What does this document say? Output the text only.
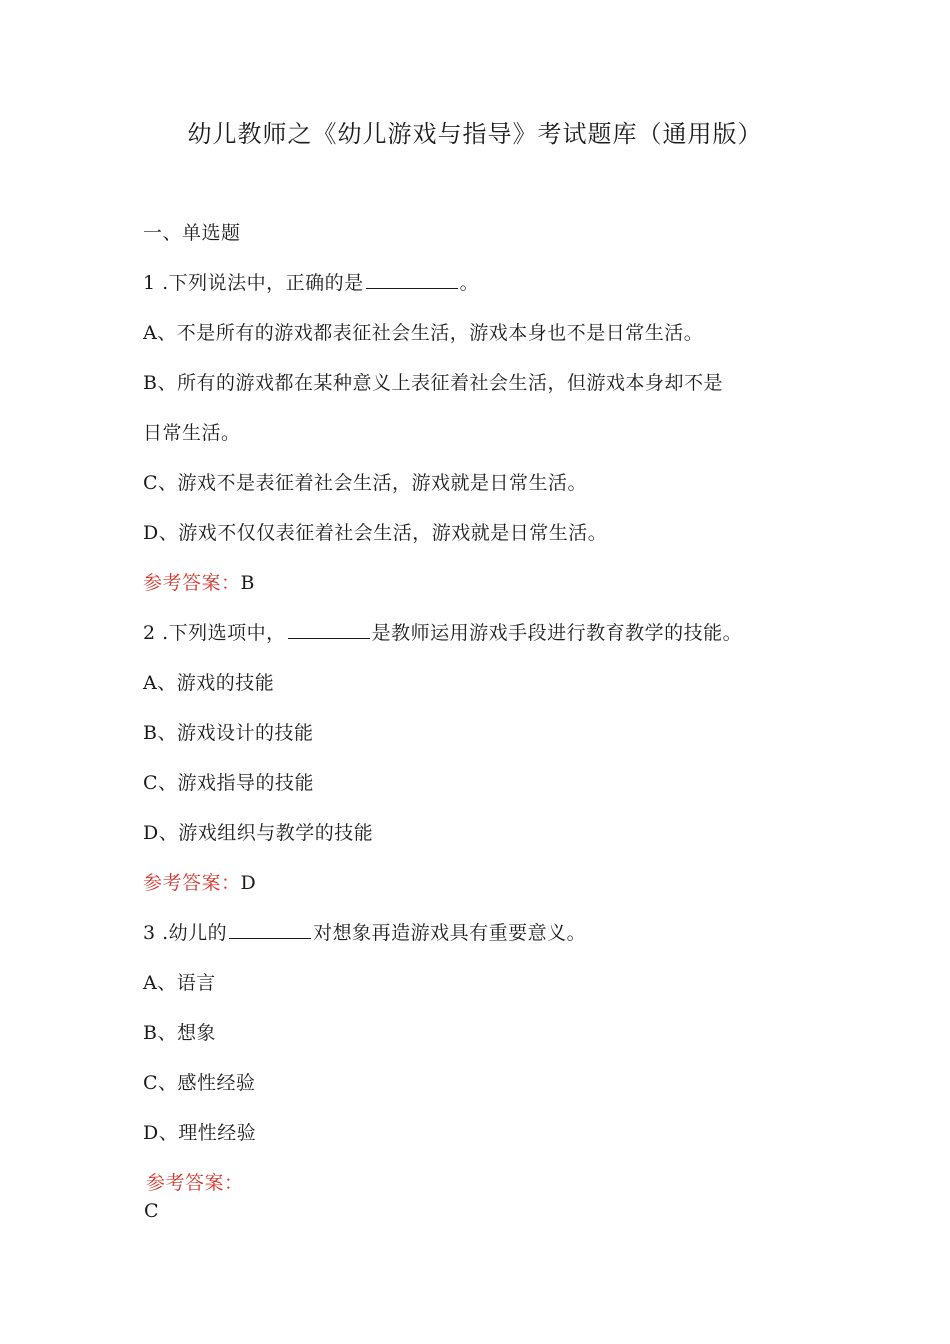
幼儿教师之《幼儿游戏与指导》考试题库（通用版）
一、单选题
1 .下列说法中，正确的是	。
A、不是所有的游戏都表征社会生活，游戏本身也不是日常生活。
B、所有的游戏都在某种意义上表征着社会生活，但游戏本身却不是
日常生活。
C、游戏不是表征着社会生活，游戏就是日常生活。
D、游戏不仅仅表征着社会生活，游戏就是日常生活。
参考答案：B
2 .下列选项中，	是教师运用游戏手段进行教育教学的技能。
A、游戏的技能
B、游戏设计的技能
C、游戏指导的技能
D、游戏组织与教学的技能
参考答案：D
3 .幼儿的	对想象再造游戏具有重要意义。
A、语言
B、想象
C、感性经验
D、理性经验
参考答案：
C
